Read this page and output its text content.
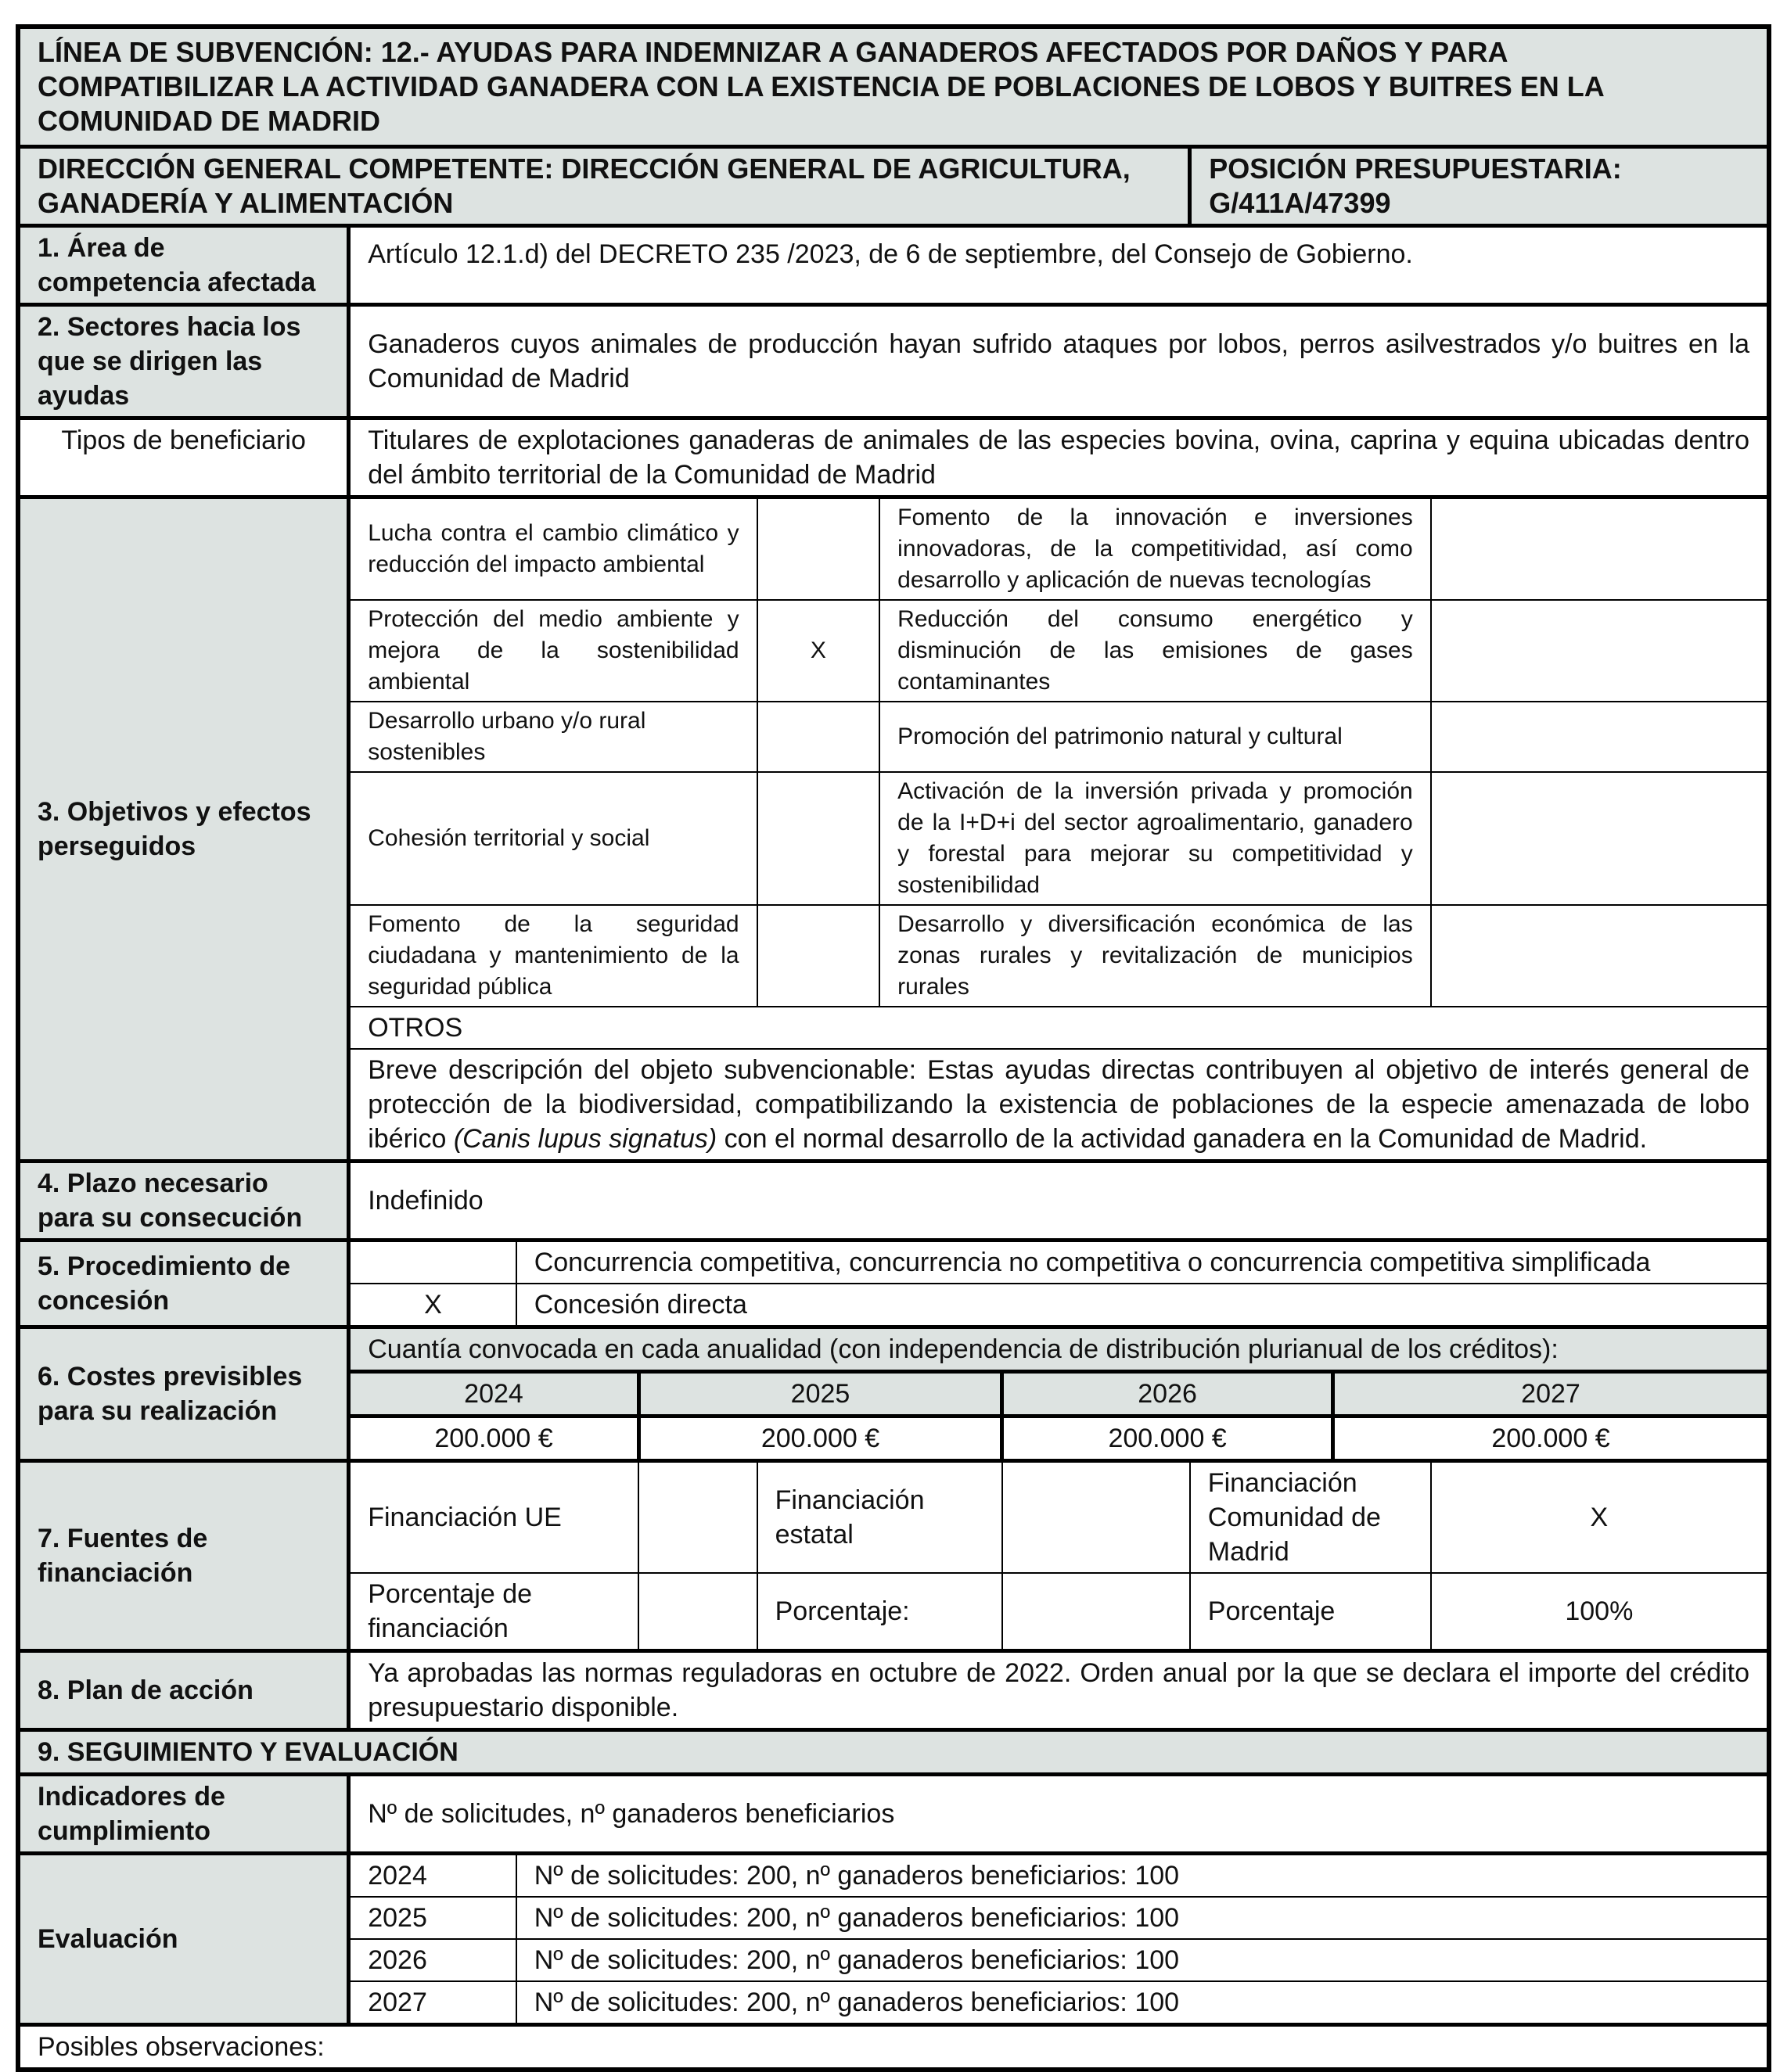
LÍNEA DE SUBVENCIÓN: 12.- AYUDAS PARA INDEMNIZAR A GANADEROS AFECTADOS POR DAÑOS Y PARA COMPATIBILIZAR LA ACTIVIDAD GANADERA CON LA EXISTENCIA DE POBLACIONES DE LOBOS Y BUITRES EN LA COMUNIDAD DE MADRID									
DIRECCIÓN GENERAL COMPETENTE: DIRECCIÓN GENERAL DE AGRICULTURA, GANADERÍA Y ALIMENTACIÓN							POSICIÓN PRESUPUESTARIA: G/411A/47399		
1. Área de competencia afectada	Artículo 12.1.d) del DECRETO 235 /2023, de 6 de septiembre, del Consejo de Gobierno.								
2. Sectores hacia los que se dirigen las ayudas	Ganaderos cuyos animales de producción hayan sufrido ataques por lobos, perros asilvestrados y/o buitres en la Comunidad de Madrid								
Tipos de beneficiario	Titulares de explotaciones ganaderas de animales de las especies bovina, ovina, caprina y equina ubicadas dentro del ámbito territorial de la Comunidad de Madrid								
3. Objetivos y efectos perseguidos	Lucha contra el cambio climático y reducción del impacto ambiental				Fomento de la innovación e inversiones innovadoras, de la competitividad, así como desarrollo y aplicación de nuevas tecnologías				
	Protección del medio ambiente y mejora de la sostenibilidad ambiental			X	Reducción del consumo energético y disminución de las emisiones de gases contaminantes				
	Desarrollo urbano y/o rural sostenibles				Promoción del patrimonio natural y cultural				
	Cohesión territorial y social				Activación de la inversión privada y promoción de la I+D+i del sector agroalimentario, ganadero y forestal para mejorar su competitividad y sostenibilidad				
	Fomento de la seguridad ciudadana y mantenimiento de la seguridad pública				Desarrollo y diversificación económica de las zonas rurales y revitalización de municipios rurales				
	OTROS								
	Breve descripción del objeto subvencionable: Estas ayudas directas contribuyen al objetivo de interés general de protección de la biodiversidad, compatibilizando la existencia de poblaciones de la especie amenazada de lobo ibérico (Canis lupus signatus) con el normal desarrollo de la actividad ganadera en la Comunidad de Madrid.								
4. Plazo necesario para su consecución	Indefinido								
5. Procedimiento de concesión		Concurrencia competitiva, concurrencia no competitiva o concurrencia competitiva simplificada							
	X	Concesión directa							
6. Costes previsibles para su realización	Cuantía convocada en cada anualidad (con independencia de distribución plurianual de los créditos):								
	2024		2025			2026		2027	
	200.000 €		200.000 €			200.000 €		200.000 €	
7. Fuentes de financiación	Financiación UE			Financiación estatal			Financiación Comunidad de Madrid		X
	Porcentaje de financiación			Porcentaje:			Porcentaje		100%
8. Plan de acción	Ya aprobadas las normas reguladoras en octubre de 2022. Orden anual por la que se declara el importe del crédito presupuestario disponible.								
9. SEGUIMIENTO Y EVALUACIÓN									
Indicadores de cumplimiento	Nº de solicitudes, nº ganaderos beneficiarios								
Evaluación	2024	Nº de solicitudes: 200, nº ganaderos beneficiarios: 100							
	2025	Nº de solicitudes: 200, nº ganaderos beneficiarios: 100							
	2026	Nº de solicitudes: 200, nº ganaderos beneficiarios: 100							
	2027	Nº de solicitudes: 200, nº ganaderos beneficiarios: 100							
Posibles observaciones:									
